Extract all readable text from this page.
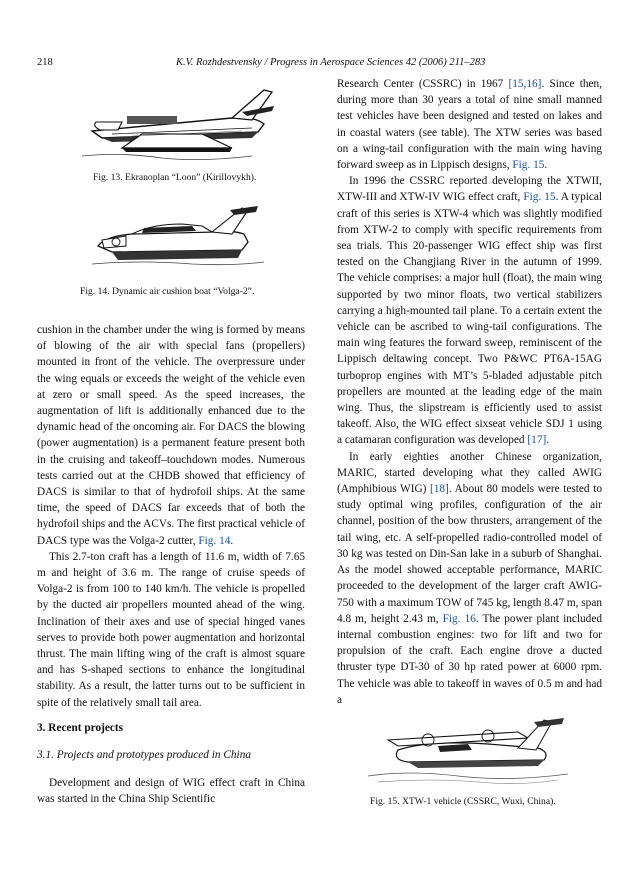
218	K.V. Rozhdestvensky / Progress in Aerospace Sciences 42 (2006) 211–283
Fig. 13. Ekranoplan “Loon” (Kirillovykh).
Fig. 14. Dynamic air cushion boat “Volga-2”.

cushion in the chamber under the wing is formed by means of blowing of the air with special fans (propellers) mounted in front of the vehicle. The overpressure under the wing equals or exceeds the weight of the vehicle even at zero or small speed. As the speed increases, the augmentation of lift is additionally enhanced due to the dynamic head of the oncoming air. For DACS the blowing (power augmentation) is a permanent feature present both in the cruising and takeoff–touchdown modes. Numerous tests carried out at the CHDB showed that efficiency of DACS is similar to that of hydrofoil ships. At the same time, the speed of DACS far exceeds that of both the hydrofoil ships and the ACVs. The first practical vehicle of DACS type was the Volga-2 cutter, Fig. 14.

This 2.7-ton craft has a length of 11.6 m, width of 7.65 m and height of 3.6 m. The range of cruise speeds of Volga-2 is from 100 to 140 km/h. The vehicle is propelled by the ducted air propellers mounted ahead of the wing. Inclination of their axes and use of special hinged vanes serves to provide both power augmentation and horizontal thrust. The main lifting wing of the craft is almost square and has S-shaped sections to enhance the longitudinal stability. As a result, the latter turns out to be sufficient in spite of the relatively small tail area.

3. Recent projects
3.1. Projects and prototypes produced in China

Development and design of WIG effect craft in China was started in the China Ship Scientific

Research Center (CSSRC) in 1967 [15,16]. Since then, during more than 30 years a total of nine small manned test vehicles have been designed and tested on lakes and in coastal waters (see table). The XTW series was based on a wing-tail configuration with the main wing having forward sweep as in Lippisch designs, Fig. 15.

In 1996 the CSSRC reported developing the XTWII, XTW-III and XTW-IV WIG effect craft, Fig. 15. A typical craft of this series is XTW-4 which was slightly modified from XTW-2 to comply with specific requirements from sea trials. This 20-passenger WIG effect ship was first tested on the Changjiang River in the autumn of 1999. The vehicle comprises: a major hull (float), the main wing supported by two minor floats, two vertical stabilizers carrying a high-mounted tail plane. To a certain extent the vehicle can be ascribed to wing-tail configurations. The main wing features the forward sweep, reminiscent of the Lippisch deltawing concept. Two P&WC PT6A-15AG turboprop engines with MT’s 5-bladed adjustable pitch propellers are mounted at the leading edge of the main wing. Thus, the slipstream is efficiently used to assist takeoff. Also, the WIG effect sixseat vehicle SDJ 1 using a catamaran configuration was developed [17].

In early eighties another Chinese organization, MARIC, started developing what they called AWIG (Amphibious WIG) [18]. About 80 models were tested to study optimal wing profiles, configuration of the air channel, position of the bow thrusters, arrangement of the tail wing, etc. A self-propelled radio-controlled model of 30 kg was tested on Din-San lake in a suburb of Shanghai. As the model showed acceptable performance, MARIC proceeded to the development of the larger craft AWIG-750 with a maximum TOW of 745 kg, length 8.47 m, span 4.8 m, height 2.43 m, Fig. 16. The power plant included internal combustion engines: two for lift and two for propulsion of the craft. Each engine drove a ducted thruster type DT-30 of 30 hp rated power at 6000 rpm. The vehicle was able to takeoff in waves of 0.5 m and had a

Fig. 15. XTW-1 vehicle (CSSRC, Wuxi, China).
